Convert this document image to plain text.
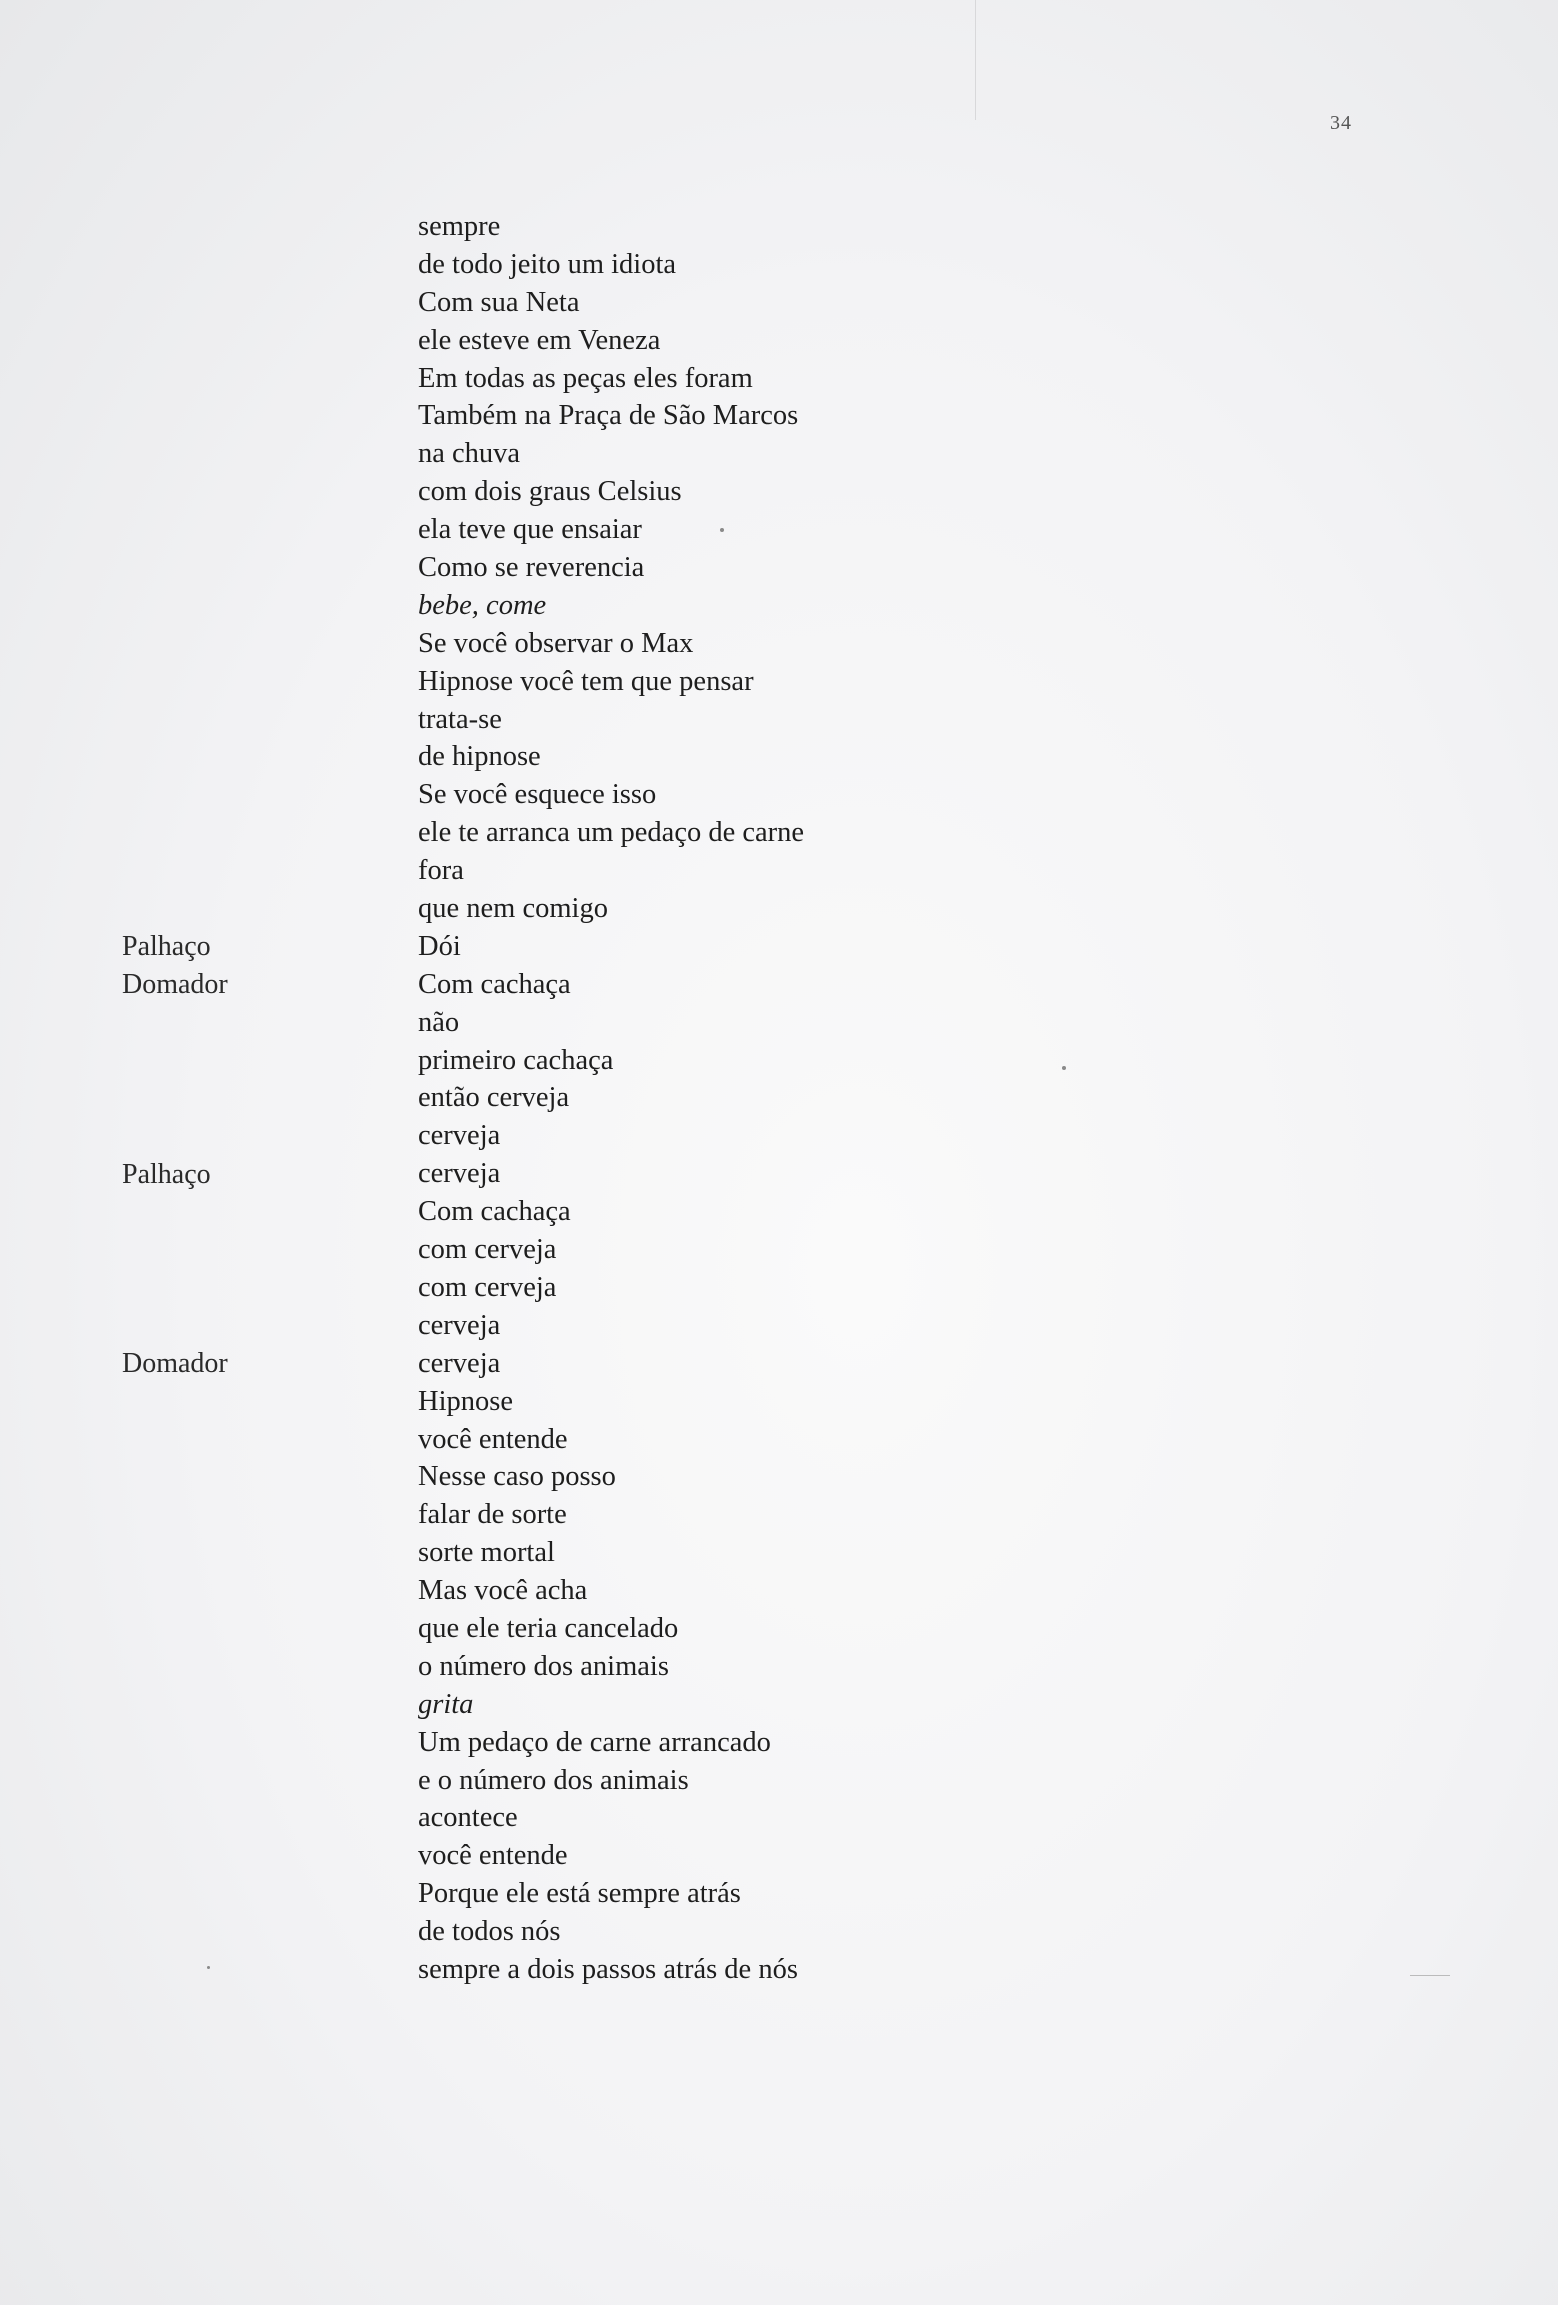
34
Palhaço
Domador
Palhaço
Domador
sempre
de todo jeito um idiota
Com sua Neta
ele esteve em Veneza
Em todas as peças eles foram
Também na Praça de São Marcos
na chuva
com dois graus Celsius
ela teve que ensaiar
Como se reverencia
bebe, come
Se você observar o Max
Hipnose você tem que pensar
trata-se
de hipnose
Se você esquece isso
ele te arranca um pedaço de carne
fora
que nem comigo
Dói
Com cachaça
não
primeiro cachaça
então cerveja
cerveja
cerveja
Com cachaça
com cerveja
com cerveja
cerveja
cerveja
Hipnose
você entende
Nesse caso posso
falar de sorte
sorte mortal
Mas você acha
que ele teria cancelado
o número dos animais
grita
Um pedaço de carne arrancado
e o número dos animais
acontece
você entende
Porque ele está sempre atrás
de todos nós
sempre a dois passos atrás de nós
